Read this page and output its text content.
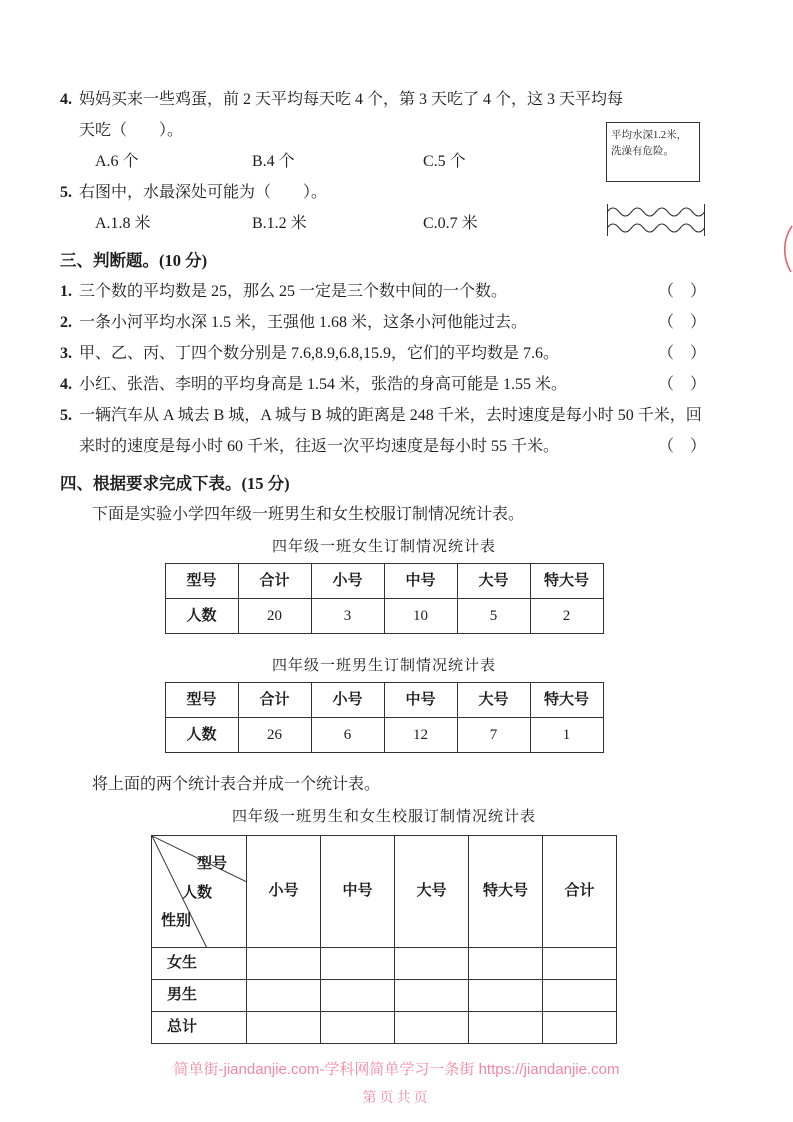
4. 妈妈买来一些鸡蛋，前 2 天平均每天吃 4 个，第 3 天吃了 4 个，这 3 天平均每
天吃（　　）。
A.6 个	B.4 个	C.5 个
5. 右图中，水最深处可能为（　　）。
A.1.8 米	B.1.2 米	C.0.7 米
三、判断题。(10 分)
1. 三个数的平均数是 25，那么 25 一定是三个数中间的一个数。	（　）
2. 一条小河平均水深 1.5 米，王强他 1.68 米，这条小河他能过去。	（　）
3. 甲、乙、丙、丁四个数分别是 7.6,8.9,6.8,15.9，它们的平均数是 7.6。	（　）
4. 小红、张浩、李明的平均身高是 1.54 米，张浩的身高可能是 1.55 米。	（　）
5. 一辆汽车从 A 城去 B 城，A 城与 B 城的距离是 248 千米，去时速度是每小时 50 千米，回来时的速度是每小时 60 千米，往返一次平均速度是每小时 55 千米。	（　）
四、根据要求完成下表。(15 分)
下面是实验小学四年级一班男生和女生校服订制情况统计表。
四年级一班女生订制情况统计表
型号	合计	小号	中号	大号	特大号
人数	20	3	10	5	2
四年级一班男生订制情况统计表
型号	合计	小号	中号	大号	特大号
人数	26	6	12	7	1
将上面的两个统计表合并成一个统计表。
四年级一班男生和女生校服订制情况统计表
型号
人数
性别	小号	中号	大号	特大号	合计
女生					
男生					
总计					
平均水深1.2米，洗澡有危险。
简单街-jiandanjie.com-学科网简单学习一条街 https://jiandanjie.com
第页共页
